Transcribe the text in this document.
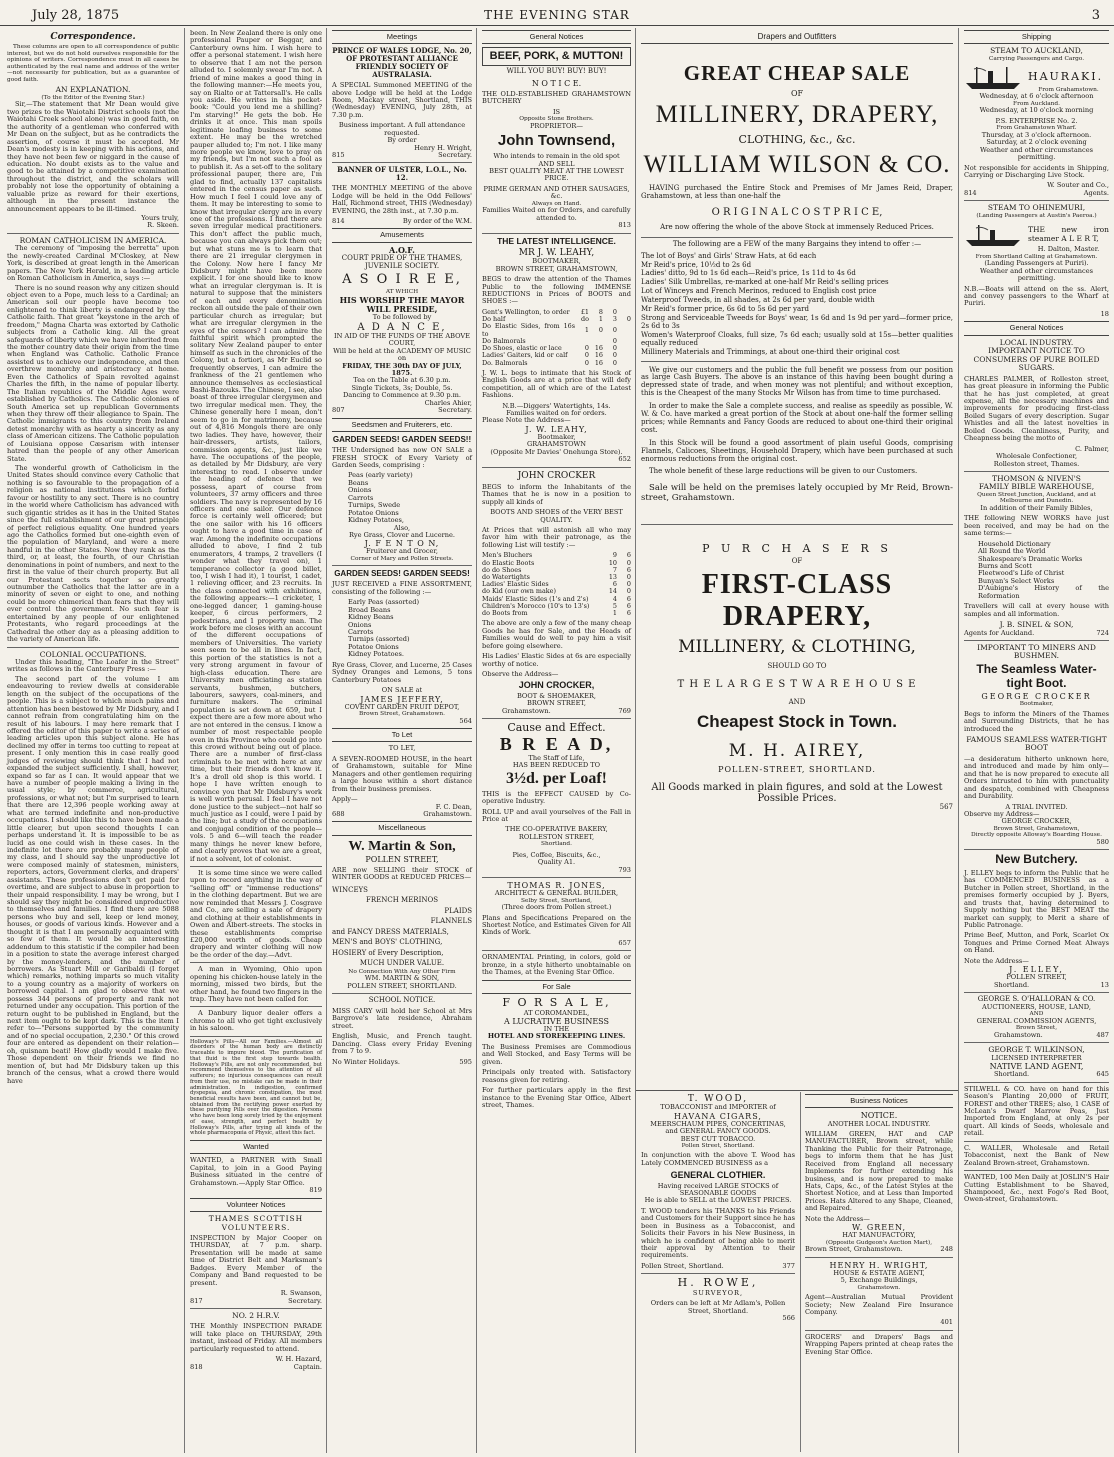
July 28, 1875	THE EVENING STAR	3
Correspondence.
These columns are open to all correspondence of public interest, but we do not hold ourselves responsible for the opinions of writers. Correspondence must in all cases be authenticated by the real name and address of the writer—not necessarily for publication, but as a guarantee of good faith.
AN EXPLANATION.
(To the Editor of the Evening Star.)

Sir,—The statement that Mr Dean would give two prizes to the Waiotahi District schools (not the Waiotahi Creek school alone) was in good faith, on the authority of a gentleman who conferred with Mr Dean on the subject, but as he contradicts the assertion, of course it must be accepted. Mr Dean's modesty is in keeping with his actions, and they have not been few or niggard in the cause of education. No doubt exists as to the value and good to be attained by a competitive examination throughout the district, and the scholars will probably not lose the opportunity of obtaining a valuable prize as reward for their exertions, although in the present instance the announcement appears to be ill-timed.

Yours truly,
R. Skeen.
ROMAN CATHOLICISM IN AMERICA.

The ceremony of "imposing the berretta" upon the newly-created Cardinal M'Closkey, at New York, is described at great length in the American papers. The New York Herald, in a leading article on Roman Catholicism in America, says :—

There is no sound reason why any citizen should object even to a Pope, much less to a Cardinal; an American soil our people have become too enlightened to think liberty is endangered by the Catholic faith. That great "keystone in the arch of freedom," Magna Charta was extorted by Catholic subjects from a Catholic king. All the great safeguards of liberty which we have inherited from the mother country date their origin from the time when England was Catholic. Catholic France assisted us to achieve our independence, and then overthrew monarchy and aristocracy at home. Even the Catholics of Spain revolted against Charles the fifth, in the name of popular liberty. The Italian republics of the Middle Ages were established by Catholics. The Catholic colonies of South America set up republican Governments when they threw off their allegiance to Spain. The Catholic immigrants to this country from Ireland detest monarchy with as hearty a sincerity as any class of American citizens. The Catholic population of Louisiana oppose Cæsarism with intenser hatred than the people of any other American State.

The wonderful growth of Catholicism in the United States should convince every Catholic that nothing is so favourable to the propagation of a religion as national institutions which forbid favour or hostility to any sect. There is no country in the world where Catholicism has advanced with such gigantic strides as it has in the United States since the full establishment of our great principle of perfect religious equality. One hundred years ago the Catholics formed but one-eighth even of the population of Maryland, and were a mere handful in the other States. Now they rank as the third, or, at least, the fourth, of our Christian denominations in point of numbers, and next to the first in the value of their church property. But all our Protestant sects together so greatly outnumber the Catholics that the latter are in a minority of seven or eight to one, and nothing could be more chimerical than fears that they will ever control the government. No such fear is entertained by any people of our enlightened Protestants, who regard proceedings at the Cathedral the other day as a pleasing addition to the variety of American life.

COLONIAL OCCUPATIONS.

Under this heading, "The Loafer in the Street" writes as follows in the Canterbury Press :—

The second part of the volume I am endeavouring to review dwells at considerable length on the subject of the occupations of the people. This is a subject to which much pains and attention has been bestowed by Mr Didsbury, and I cannot refrain from congratulating him on the result of his labours. I may here remark that I offered the editor of this paper to write a series of leading articles upon this subject alone. He has declined my offer in terms too cutting to repeat at present. I only mention this in case really good judges of reviewing should think that I had not expanded the subject sufficiently. I shall, however, expand so far as I can. It would appear that we have a number of people making a living in the usual style; by commerce, agricultural, professions, or what not; but I'm surprised to learn that there are 12,396 people working away at what are termed indefinite and non-productive occupations. I should like this to have been made a little clearer, but upon second thoughts I can perhaps understand it. It is impossible to be as lucid as one could wish in these cases. In the indefinite lot there are probably many people of my class, and I should say the unproductive lot were composed mainly of statesmen, ministers, reporters, actors, Government clerks, and drapers' assistants. These professions don't get paid for overtime, and are subject to abuse in proportion to their unpaid responsibility. I may be wrong, but I should say they might be considered unproductive to themselves and families. I find there are 5088 persons who buy and sell, keep or lend money, houses, or goods of various kinds. However and a thought it is that I am personally acquainted with so few of them. It would be an interesting addendum to this statistic if the compiler had been in a position to state the average interest charged by the money-lenders, and the number of borrowers. As Stuart Mill or Garibaldi (I forget which) remarks, nothing imparts so much vitality to a young country as a majority of workers on borrowed capital. I am glad to observe that we possess 344 persons of property and rank not returned under any occupation. This portion of the return ought to be published in England, but the next item ought to be kept dark. This is the item I refer to—"Persons supported by the community and of no special occupation, 2,230." Of this crowd four are entered as dependent on their relation—oh, quisnam beati! How gladly would I make five. Those dependent on their friends we find no mention of, but had Mr Didsbury taken up this branch of the census, what a crowd there would have

been. In New Zealand there is only one professional Pauper or Beggar, and Canterbury owns him. I wish here to offer a personal statement. I wish here to observe that I am not the person alluded to. I solemnly swear I'm not. A friend of mine makes a good thing in the following manner:—He meets you, say on Rialto or at Tattersall's. He calls you aside. He writes in his pocket-book: "Could you lend me a shilling? I'm starving!" He gets the bob. He drinks it at once. This man spoils legitimate loafing business to some extent. He may be the wretched pauper alluded to; I'm not. I like many more people we know, love to pray on my friends, but I'm not such a fool as to publish it. As a set-off to the solitary professional pauper, there are, I'm glad to find, actually 137 capitalists entered in the census paper as such. How much I feel I could love any of them. It may be interesting to some to know that irregular clergy are in every one of the professions. I find there are seven irregular medical practitioners. This don't affect the public much, because you can always pick them out; but what stuns me is to learn that there are 21 irregular clergymen in the Colony. Now here I fancy Mr Didsbury might have been more explicit. I for one should like to know what an irregular clergyman is. It is natural to suppose that the ministers of each and every denomination reckon all outside the pale of their own particular church as irregular; but what are irregular clergymen in the eyes of the censors? I can admire the faithful spirit which prompted the solitary New Zealand pauper to enter himself as such in the chronicles of the Colony, but a fortiori, as Mr Euclid so frequently observes, I can admire the frankness of the 21 gentlemen who announce themselves as ecclesiastical Bashi-Bazouks. The Chinese, I see, also boast of three irregular clergymen and two irregular medical men. They, the Chinese generally here I mean, don't seem to go in for matrimony, because out of 4,816 Mongols there are only two ladies. They have, however, their hair-dressers, artists, tailors, commission agents, &c., just like we have. The occupations of the people, as detailed by Mr Didsbury, are very interesting to read. I observe under the heading of defence that we possess, apart of course from volunteers, 37 army officers and three soldiers. The navy is represented by 16 officers and one sailor. Our defence force is certainly well officered; but the one sailor with his 16 officers ought to have a good time in case of war. Among the indefinite occupations alluded to above, I find 2 tub enumerators, 4 tramps, 2 travellers (I wonder what they travel on), 1 temperance collector (a good billet, too, I wish I had it), 1 tourist, 1 cadet, 1 relieving officer, and 23 recruits. In the class connected with exhibitions, the following appears:—1 cricketer, 1 one-legged dancer, 1 gaming-house keeper, 6 circus performers, 2 pedestrians, and 1 property man. The work before me closes with an account of the different occupations of members of Universities. The variety seen seem to be all in lines. In fact, this portion of the statistics is not a very strong argument in favour of high-class education. There are University men officiating as station servants, bushmen, butchers, labourers, sawyers, coal-miners, and furniture makers. The criminal population is set down at 659, but I expect there are a few more about who are not entered in the census. I know a number of most respectable people even in this Province who could go into this crowd without being out of place. There are a number of first-class criminals to be met with here at any time, but their friends don't know it. It's a droll old shop is this world. I hope I have written enough to convince you that Mr Didsbury's work is well worth perusal. I feel I have not done justice to the subject—not half so much justice as I could, were I paid by the line; but a study of the occupations and conjugal condition of the people—vols. 5 and 6—will teach the reader many things he never knew before, and clearly proves that we are a great, if not a solvent, lot of colonist.

It is some time since we were called upon to record anything in the way of "selling off" or "immense reductions" in the clothing department. But we are now reminded that Messrs J. Cosgrave and Co., are selling a sale of drapery and clothing at their establishments in Owen and Albert-streets. The stocks in these establishments comprise £20,000 worth of goods. Cheap drapery and winter clothing will now be the order of the day.—Advt.

A man in Wyoming, Ohio upon opening his chicken-house lately in the morning, missed two birds, but the other hand, he found two fingers in the trap. They have not been called for.

A Danbury liquor dealer offers a chromo to all who get tight exclusively in his saloon.

Holloway's Pills—All our Families.—Almost all disorders of the human body are distinctly traceable to impure blood. The purification of that fluid is the first step towards health. Holloway's Pills, are not only recommended, but recommend themselves to the attention of all sufferers; no injurious consequences can result from their use, no mistake can be made in their administration. In indigestion, confirmed dyspepsia, and chronic constipation, the most beneficial results have been, and cannot but be, obtained from the rectifying power exerted by these purifying Pills over the digestion. Persons who have been long sorely tried by the enjoyment of ease, strength, and perfect health by Holloway's Pills, after trying all kinds of the whole pharmacopœia of Physic, attest this fact.
Wanted
WANTED, a PARTNER with Small Capital, to join in a Good Paying Business situated in the centre of Grahamstown.—Apply Star Office.
819
Volunteer Notices
THAMES SCOTTISH VOLUNTEERS.
INSPECTION by Major Cooper on THURSDAY, at 7 p.m. sharp. Presentation will be made at same time of District Belt and Marksman's Badges. Every Member of the Company and Band requested to be present.
R. Swanson,
817	Secretary.
NO. 2 H.R.V.
THE Monthly INSPECTION PARADE will take place on THURSDAY, 29th instant, instead of Friday. All members particularly requested to attend.
W. H. Hazard,
818	Captain.
Meetings
PRINCE OF WALES LODGE, No. 20, OF PROTESTANT ALLIANCE FRIENDLY SOCIETY OF AUSTRALASIA.
A SPECIAL Summoned MEETING of the above Lodge will be held at the Lodge Room, Mackay street, Shortland, THIS (Wednesday) EVENING, July 28th, at 7.30 p.m.
Business important. A full attendance requested.
By order
Henry H. Wright,
815	Secretary.
BANNER OF ULSTER, L.O.L., No. 12.
THE MONTHLY MEETING of the above Lodge will be held in the Odd Fellows' Hall, Richmond street, THIS (Wednesday) EVENING, the 28th inst., at 7.30 p.m.
814	By order of the W.M.
Amusements
A.O.F.
COURT PRIDE OF THE THAMES, JUVENILE SOCIETY.
A S O I R E E,
AT WHICH
HIS WORSHIP THE MAYOR WILL PRESIDE,
To be followed by
A D A N C E,
IN AID OF THE FUNDS OF THE ABOVE COURT,
Will be held at the ACADEMY OF MUSIC
on
FRIDAY, THE 30th DAY OF JULY, 1875.
Tea on the Table at 6.30 p.m.
Single Tickets, 3s; Double, 5s.
Dancing to Commence at 9.30 p.m.
Charles Ahier,
807	Secretary.
Seedsmen and Fruiterers, etc.
GARDEN SEEDS! GARDEN SEEDS!!
THE Undersigned has now ON SALE a FRESH STOCK of Every Variety of Garden Seeds, comprising :
Peas (early variety)
Beans
Onions
Carrots
Turnips, Swede
Potatoe Onions
Kidney Potatoes,
Also,
Rye Grass, Clover and Lucerne.
J. F E N T O N,
Fruiterer and Grocer,
Corner of Mary and Pollen Streets.
GARDEN SEEDS! GARDEN SEEDS!
JUST RECEIVED a FINE ASSORTMENT, consisting of the following :—
Early Peas (assorted)
Broad Beans
Kidney Beans
Onions
Carrots
Turnips (assorted)
Potatoe Onions
Kidney Potatoes.
Rye Grass, Clover, and Lucerne, 25 Cases Sydney Oranges and Lemons, 5 tons Canterbury Potatoes
ON SALE at
JAMES JEFFERY,
COVENT GARDEN FRUIT DEPOT,
Brown Street, Grahamstown.
564
To Let
TO LET,
A SEVEN-ROOMED HOUSE, in the heart of Grahamstown, suitable for Mine Managers and other gentlemen requiring a large house within a short distance from their business premises.
Apply—
F. C. Dean,
688	Grahamstown.
Miscellaneous
W. Martin & Son,
POLLEN STREET,
ARE now SELLING their STOCK of WINTER GOODS at REDUCED PRICES—
WINCEYS
FRENCH MERINOS
PLAIDS
FLANNELS
and FANCY DRESS MATERIALS,
MEN'S and BOYS' CLOTHING,
HOSIERY of Every Description,
MUCH UNDER VALUE.
No Connection With Any Other Firm
WM. MARTIN & SON,
POLLEN STREET, SHORTLAND.
SCHOOL NOTICE.
MISS CARY will hold her School at Mrs Bargrove's late residence, Abraham street.
English, Music, and French taught. Dancing. Class every Friday Evening from 7 to 9.
No Winter Holidays.	595
General Notices
BEEF, PORK, & MUTTON!
WILL YOU BUY! BUY! BUY!
N O T I C E.
THE OLD-ESTABLISHED GRAHAMSTOWN BUTCHERY
IS
Opposite Stone Brothers.
PROPRIETOR—
John Townsend,
Who intends to remain in the old spot
AND SELL
BEST QUALITY MEAT AT THE LOWEST PRICE.
PRIME GERMAN AND OTHER SAUSAGES, &c.
Always on Hand.
Families Waited on for Orders, and carefully attended to.
813
THE LATEST INTELLIGENCE.
MR J. W. LEAHY,
BOOTMAKER,
BROWN STREET, GRAHAMSTOWN,
BEGS to draw the attention of the Thames Public to the following IMMENSE REDUCTIONS in Prices of BOOTS and SHOES :—
Gent's Wellington, to order	£1	8	0	
Do half	do	1	3	0
Do Elastic Sides, from 16s to	1	0	0	
Do Balmorals			0	
Do Shoes, elastic or lace	0	16	0	
Ladies' Gaiters, kid or calf	0	16	0	
Do. Balmorals	0	16	0	
J. W. L. begs to intimate that his Stock of English Goods are at a price that will defy competition, all of which are of the Latest Fashions.
N.B.—Diggers' Watertights, 14s.
Families waited on for orders.
Please Note the Address—
J. W. LEAHY,
Bootmaker,
GRAHAMSTOWN
(Opposite Mr Davies' Onehunga Store).
652
JOHN CROCKER
BEGS to inform the Inhabitants of the Thames that he is now in a position to supply all kinds of
BOOTS AND SHOES of the VERY BEST QUALITY.
At Prices that will astonish all who may favor him with their patronage, as the following List will testify :—
Men's Bluchers	9	6
do Elastic Boots	10	0
do do Shoes	7	6
do Watertights	13	0
Ladies' Elastic Sides	6	0
do Kid (our own make)	14	0
Maids' Elastic Sides (1's and 2's)	4	6
Children's Morocco (10's to 13's)	5	6
do Boots from	1	6
The above are only a few of the many cheap Goods he has for Sale, and the Heads of Families would do well to pay him a visit before going elsewhere.
His Ladies' Elastic Sides at 6s are especially worthy of notice.
Observe the Address—
JOHN CROCKER,
BOOT & SHOEMAKER,
BROWN STREET,
Grahamstown.	769
Cause and Effect.
B R E A D,
The Staff of Life,
HAS BEEN REDUCED TO
3½d. per Loaf!
THIS is the EFFECT CAUSED by Co-operative Industry.
ROLL UP and avail yourselves of the Fall in Price at
THE CO-OPERATIVE BAKERY,
ROLLESTON STREET,
Shortland.
Pies, Coffee, Biscuits, &c.,
Quality A1.
793
THOMAS R. JONES,
ARCHITECT & GENERAL BUILDER,
Selby Street, Shortland,
(Three doors from Pollen street.)
Plans and Specifications Prepared on the Shortest Notice, and Estimates Given for All Kinds of Work.
657
ORNAMENTAL Printing, in colors, gold or bronze, in a style hitherto unobtainable on the Thames, at the Evening Star Office.
For Sale
F O R S A L E,
AT COROMANDEL,
A LUCRATIVE BUSINESS
IN THE
HOTEL AND STOREKEEPING LINES.
The Business Premises are Commodious and Well Stocked, and Easy Terms will be given.
Principals only treated with. Satisfactory reasons given for retiring.
For further particulars apply in the first instance to the Evening Star Office, Albert street, Thames.
Drapers and Outfitters
GREAT CHEAP SALE
OF
MILLINERY, DRAPERY,
CLOTHING, &c., &c.
WILLIAM WILSON & CO.

HAVING purchased the Entire Stock and Premises of Mr James Reid, Draper, Grahamstown, at less than one-half the

O R I G I N A L C O S T P R I C E,
Are now offering the whole of the above Stock at immensely Reduced Prices.
The following are a FEW of the many Bargains they intend to offer :—
The lot of Boys' and Girls' Straw Hats, at 6d each
Mr Reid's price, 10½d to 2s 6d
Ladies' ditto, 9d to 1s 6d each—Reid's price, 1s 11d to 4s 6d
Ladies' Silk Umbrellas, re-marked at one-half Mr Reid's selling prices
Lot of Winceys and French Merinos, reduced to English cost price
Waterproof Tweeds, in all shades, at 2s 6d per yard, double width
Mr Reid's former price, 6s 6d to 5s 6d per yard
Strong and Serviceable Tweeds for Boys' wear, 1s 6d and 1s 9d per yard—former price, 2s 6d to 3s
Women's Waterproof Cloaks, full size, 7s 6d each; usually sold at 15s—better qualities equally reduced
Millinery Materials and Trimmings, at about one-third their original cost

We give our customers and the public the full benefit we possess from our position as large Cash Buyers. The above is an instance of this having been bought during a depressed state of trade, and when money was not plentiful; and without exception, this is the Cheapest of the many Stocks Mr Wilson has from time to time purchased.

In order to make the Sale a complete success, and realise as speedily as possible, W. W. & Co. have marked a great portion of the Stock at about one-half the former selling prices; while Remnants and Fancy Goods are reduced to about one-third their original cost.

In this Stock will be found a good assortment of plain useful Goods, comprising Flannels, Calicoes, Sheetings, Household Drapery, which have been purchased at such enormous reductions from the original cost.

The whole benefit of these large reductions will be given to our Customers.

Sale will be held on the premises lately occupied by Mr Reid, Brown-street, Grahamstown.

P U R C H A S E R S
OF
FIRST-CLASS DRAPERY,
MILLINERY, & CLOTHING,
SHOULD GO TO
T H E L A R G E S T W A R E H O U S E
AND
Cheapest Stock in Town.
M. H. AIREY,
POLLEN-STREET, SHORTLAND.
All Goods marked in plain figures, and sold at the Lowest Possible Prices.
567
T. WOOD,
TOBACCONIST and IMPORTER of
HAVANA CIGARS,
MEERSCHAUM PIPES, CONCERTINAS,
and GENERAL FANCY GOODS.
BEST CUT TOBACCO.
Pollen Street, Shortland.
In conjunction with the above T. Wood has Lately COMMENCED BUSINESS as a
GENERAL CLOTHIER.
Having received LARGE STOCKS of SEASONABLE GOODS
He is able to SELL at the LOWEST PRICES.
T. WOOD tenders his THANKS to his Friends and Customers for their Support since he has been in Business as a Tobacconist, and Solicits their Favors in his New Business, in which he is confident of being able to merit their approval by Attention to their requirements.
Pollen Street, Shortland.	377
H. ROWE,
SURVEYOR,
Orders can be left at Mr Adlam's, Pollen Street, Shortland.
566
Business Notices
NOTICE.
ANOTHER LOCAL INDUSTRY.
WILLIAM GREEN, HAT and CAP MANUFACTURER, Brown street, while Thanking the Public for their Patronage, begs to inform them that he has Just Received from England all necessary Implements for further extending his business, and is now prepared to make Hats, Caps, &c., of the Latest Styles at the Shortest Notice, and at Less than Imported Prices. Hats Altered to any Shape, Cleaned, and Repaired.
Note the Address—
W. GREEN,
HAT MANUFACTORY,
(Opposite Gudgeon's Auction Mart),
Brown Street, Grahamstown.	248
HENRY H. WRIGHT,
HOUSE & ESTATE AGENT,
5, Exchange Buildings,
Grahamstown.
Agent—Australian Mutual Provident Society; New Zealand Fire Insurance Company.
401
GROCERS' and Drapers' Bags and Wrapping Papers printed at cheap rates the Evening Star Office.
Shipping
STEAM TO AUCKLAND,
Carrying Passengers and Cargo.
HAURAKI.
From Grahamstown.
Wednesday, at 6 o'clock afternoon
From Auckland.
Wednesday, at 10 o'clock morning
P.S. ENTERPRISE No. 2.
From Grahamstown Wharf.
Thursday, at 3 o'clock afternoon.
Saturday, at 2 o'clock evening
Weather and other circumstances permitting.
Not responsible for accidents in Shipping, Carrying or Discharging Live Stock.
W. Souter and Co.,
814	Agents.
STEAM TO OHINEMURI,
(Landing Passengers at Austin's Paeroa.)
THE new iron steamer A L E R T,
H. Dalton, Master.
From Shortland Calling at Grahamstown.
(Landing Passengers at Puriri).
Weather and other circumstances permitting.
N.B.—Boats will attend on the ss. Alert, and convey passengers to the Wharf at Puriri.
18
General Notices
LOCAL INDUSTRY.
IMPORTANT NOTICE TO CONSUMERS OF PURE BOILED SUGARS.
CHARLES PALMER, of Rolleston street, has great pleasure in informing the Public that he has just completed, at great expense, all the necessary machines and improvements for producing first-class Boiled Sugars of every description. Sugar Whistles and all the latest novelties in Boiled Goods. Cleanliness, Purity, and Cheapness being the motto of
C. Palmer,
Wholesale Confectioner,
Rolleston street, Thames.
THOMSON & NIVEN'S
FAMILY BIBLE WAREHOUSE,
Queen Street Junction, Auckland, and at Melbourne and Dunedin.
In addition of their Family Bibles,
THE following NEW WORKS have just been received, and may be had on the same terms:—
Household Dictionary
All Round the World
Shakespeare's Dramatic Works
Burns and Scott
Fleetwood's Life of Christ
Bunyan's Select Works
D'Aubigne's History of the Reformation
Travellers will call at every house with samples and all information.
J. B. SINEL & SON,
Agents for Auckland.	724
IMPORTANT TO MINERS AND BUSHMEN.
The Seamless Water-tight Boot.
GEORGE CROCKER
Bootmaker,
Begs to inform the Miners of the Thames and Surrounding Districts, that he has introduced the
FAMOUS SEAMLESS WATER-TIGHT BOOT
—a desideratum hitherto unknown here, and introduced and made by him only—and that he is now prepared to execute all Orders intrusted to him with punctuality and despatch, combined with Cheapness and Durability.
A TRIAL INVITED.
Observe my Address—
GEORGE CROCKER,
Brown Street, Grahamstown,
Directly opposite Alloway's Boarding House.
580
New Butchery.
J. ELLEY begs to inform the Public that he has COMMENCED BUSINESS as a Butcher in Pollen street, Shortland, in the premises formerly occupied by J. Byers, and trusts that, having determined to Supply nothing but the BEST MEAT the market can supply, to Merit a share of Public Patronage.
Prime Beef, Mutton, and Pork, Scarlet Ox Tongues and Prime Corned Meat Always on Hand.
Note the Address—
J. ELLEY,
POLLEN STREET,
Shortland.	13
GEORGE S. O'HALLORAN & CO.
AUCTIONEERS, HOUSE, LAND,
AND
GENERAL COMMISSION AGENTS,
Brown Street,
Grahamstown.	487
GEORGE T. WILKINSON,
LICENSED INTERPRETER
NATIVE LAND AGENT,
Shortland.	645
STILWELL & CO. have on hand for this Season's Planting 20,000 of FRUIT, FOREST and other TREES; also, 1 CASE of McLean's Dwarf Marrow Peas, Just Imported from England, at only 2s per quart. All kinds of Seeds, wholesale and retail.
C. WALLER, Wholesale and Retail Tobacconist, next the Bank of New Zealand Brown-street, Grahamstown.
WANTED, 100 Men Daily at JOSLIN'S Hair Cutting Establishment to be Shaved, Shampooed, &c., next Fogo's Red Boot, Owen-street, Grahamstown.
